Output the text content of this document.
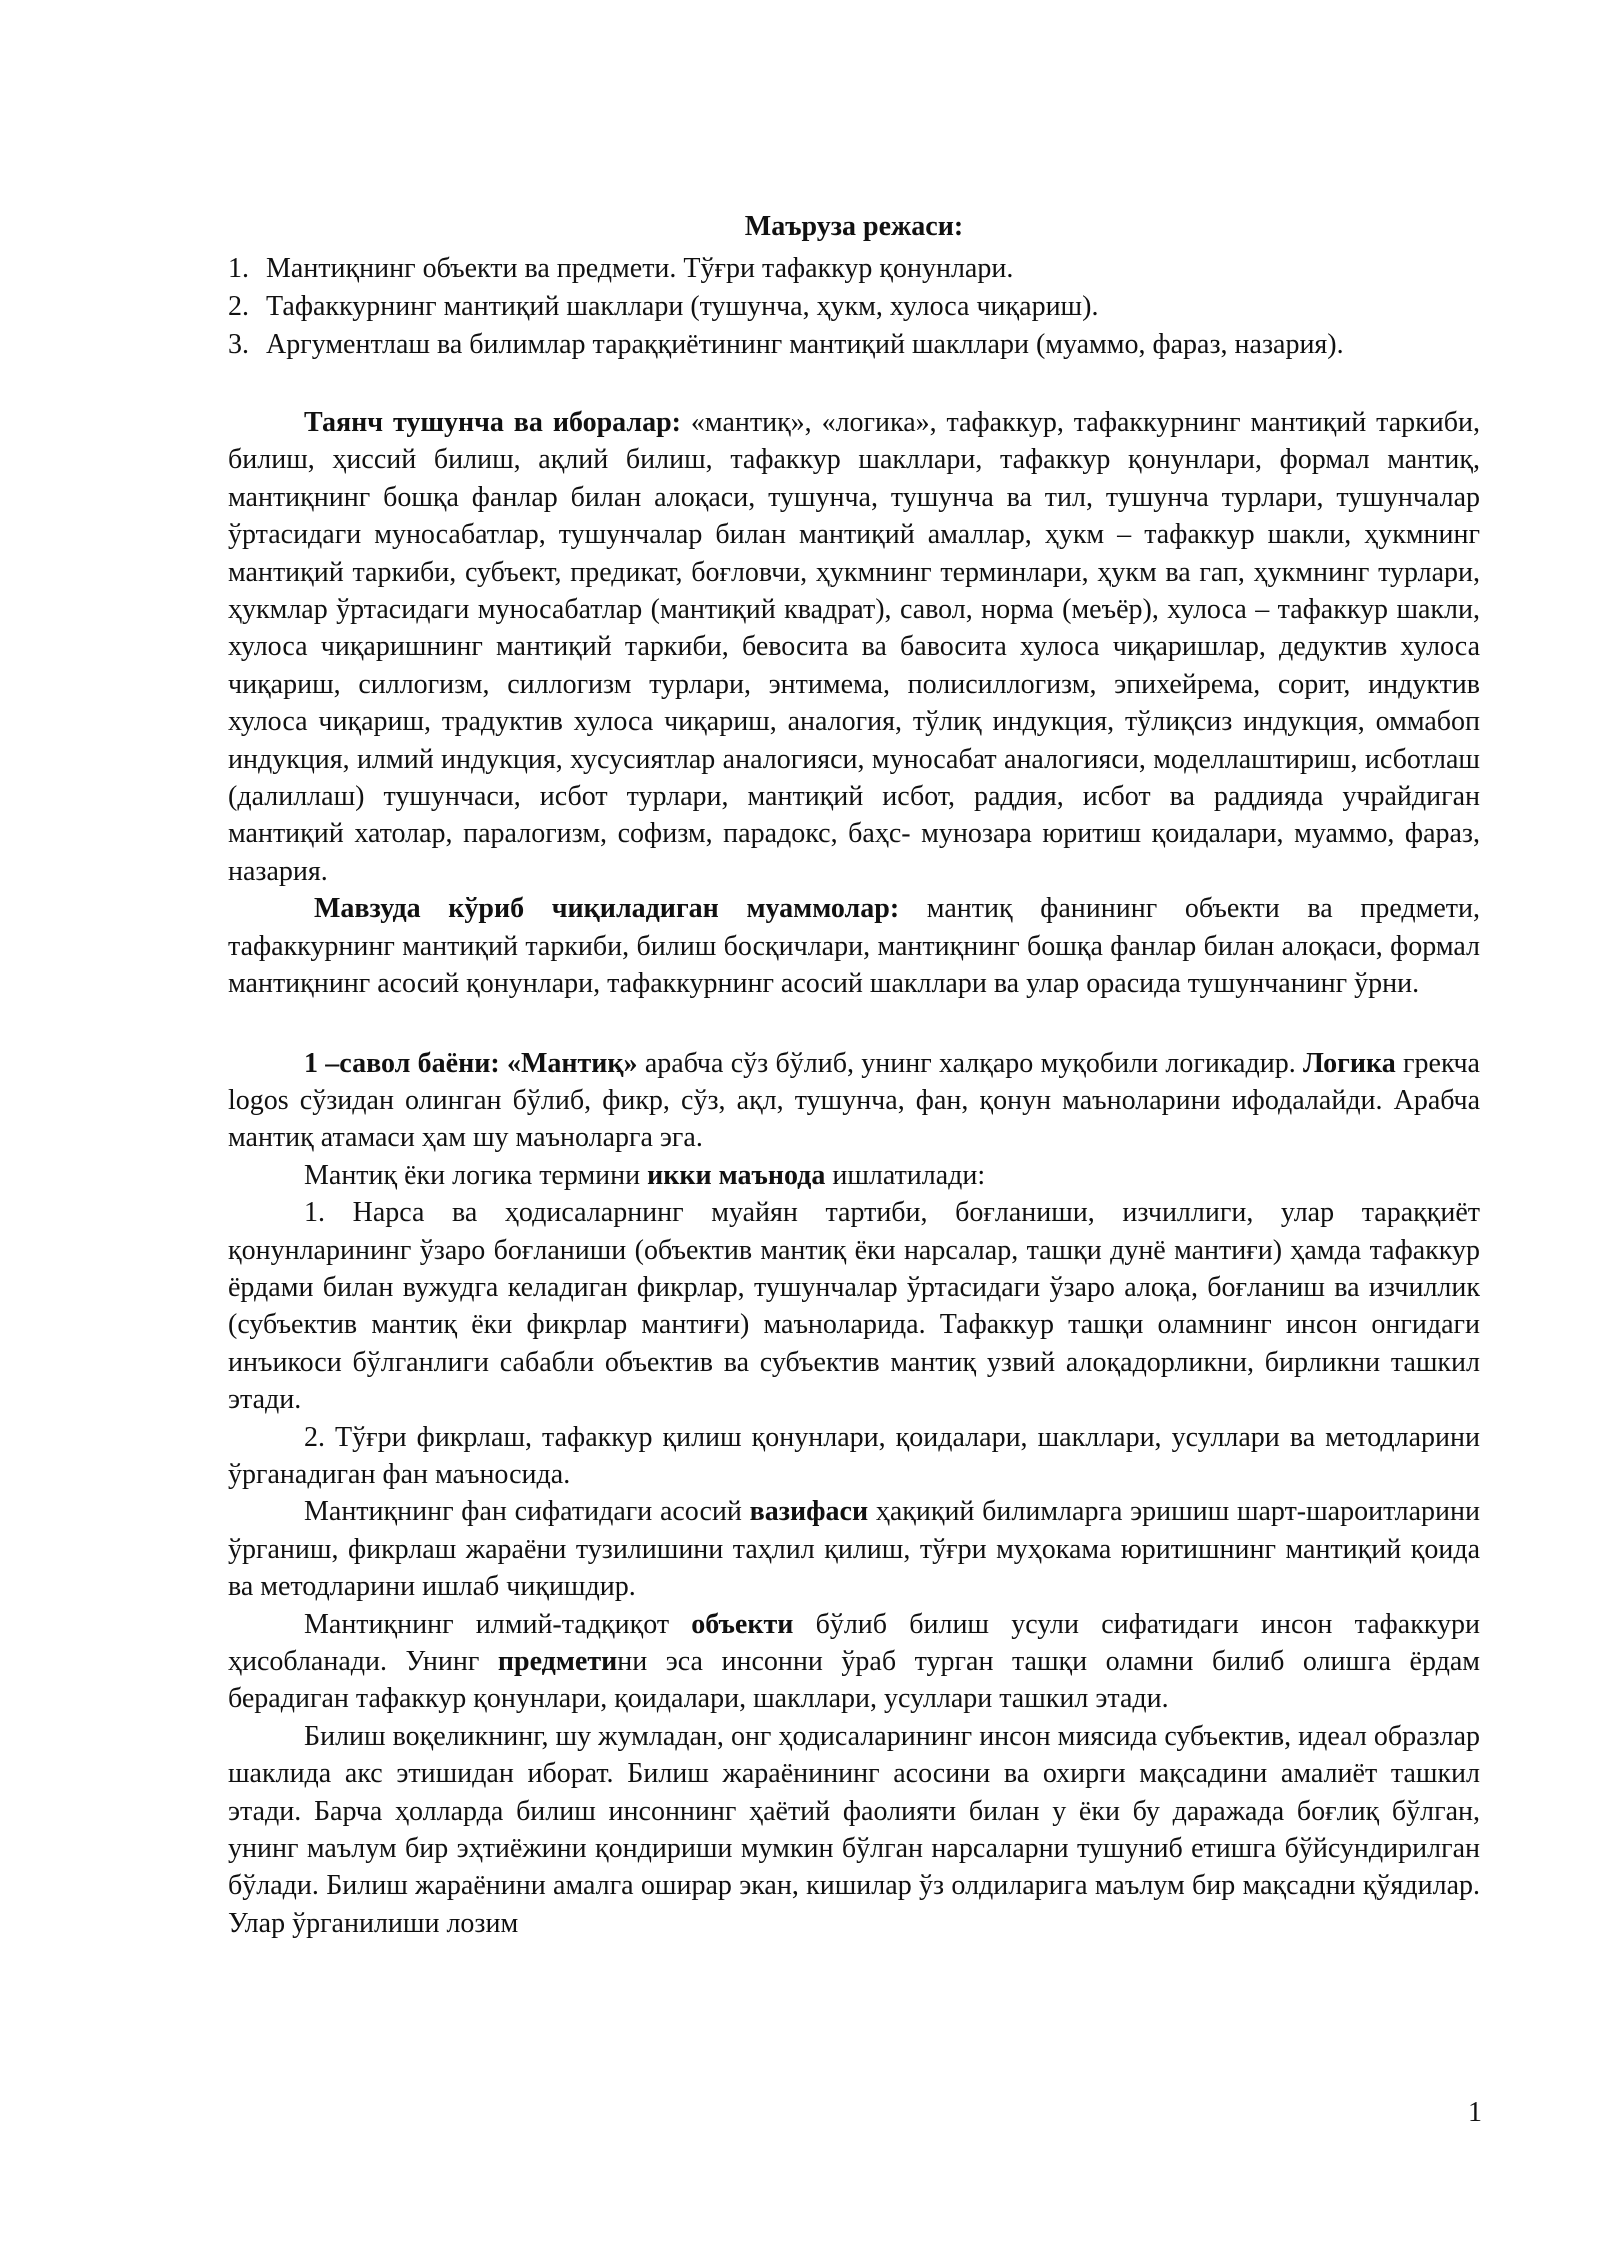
Маъруза режаси:
1. Мантиқнинг объекти ва предмети. Тўғри тафаккур қонунлари.
2. Тафаккурнинг мантиқий шакллари (тушунча, ҳукм, хулоса чиқариш).
3. Аргументлаш ва билимлар тараққиётининг мантиқий шакллари (муаммо, фараз, назария).

Таянч тушунча ва иборалар: «мантиқ», «логика», тафаккур, тафаккурнинг мантиқий таркиби, билиш, ҳиссий билиш, ақлий билиш, тафаккур шакллари, тафаккур қонунлари, формал мантиқ, мантиқнинг бошқа фанлар билан алоқаси, тушунча, тушунча ва тил, тушунча турлари, тушунчалар ўртасидаги муносабатлар, тушунчалар билан мантиқий амаллар, ҳукм – тафаккур шакли, ҳукмнинг мантиқий таркиби, субъект, предикат, боғловчи, ҳукмнинг терминлари, ҳукм ва гап, ҳукмнинг турлари, ҳукмлар ўртасидаги муносабатлар (мантиқий квадрат), савол, норма (меъёр), хулоса – тафаккур шакли, хулоса чиқаришнинг мантиқий таркиби, бевосита ва бавосита хулоса чиқаришлар, дедуктив хулоса чиқариш, силлогизм, силлогизм турлари, энтимема, полисиллогизм, эпихейрема, сорит, индуктив хулоса чиқариш, традуктив хулоса чиқариш, аналогия, тўлиқ индукция, тўлиқсиз индукция, оммабоп индукция, илмий индукция, хусусиятлар аналогияси, муносабат аналогияси, моделлаштириш, исботлаш (далиллаш) тушунчаси, исбот турлари, мантиқий исбот, раддия, исбот ва раддияда учрайдиган мантиқий хатолар, паралогизм, софизм, парадокс, баҳс- мунозара юритиш қоидалари, муаммо, фараз, назария.

Мавзуда кўриб чиқиладиган муаммолар: мантиқ фанининг объекти ва предмети, тафаккурнинг мантиқий таркиби, билиш босқичлари, мантиқнинг бошқа фанлар билан алоқаси, формал мантиқнинг асосий қонунлари, тафаккурнинг асосий шакллари ва улар орасида тушунчанинг ўрни.

1 –савол баёни: «Мантиқ» арабча сўз бўлиб, унинг халқаро муқобили логикадир. Логика грекча logos сўзидан олинган бўлиб, фикр, сўз, ақл, тушунча, фан, қонун маъноларини ифодалайди. Арабча мантиқ атамаси ҳам шу маъноларга эга.

Мантиқ ёки логика термини икки маънода ишлатилади:

1. Нарса ва ҳодисаларнинг муайян тартиби, боғланиши, изчиллиги, улар тараққиёт қонунларининг ўзаро боғланиши (объектив мантиқ ёки нарсалар, ташқи дунё мантиғи) ҳамда тафаккур ёрдами билан вужудга келадиган фикрлар, тушунчалар ўртасидаги ўзаро алоқа, боғланиш ва изчиллик (субъектив мантиқ ёки фикрлар мантиғи) маъноларида. Тафаккур ташқи оламнинг инсон онгидаги инъикоси бўлганлиги сабабли объектив ва субъектив мантиқ узвий алоқадорликни, бирликни ташкил этади.

2. Тўғри фикрлаш, тафаккур қилиш қонунлари, қоидалари, шакллари, усуллари ва методларини ўрганадиган фан маъносида.

Мантиқнинг фан сифатидаги асосий вазифаси ҳақиқий билимларга эришиш шарт-шароитларини ўрганиш, фикрлаш жараёни тузилишини таҳлил қилиш, тўғри муҳокама юритишнинг мантиқий қоида ва методларини ишлаб чиқишдир.

Мантиқнинг илмий-тадқиқот объекти бўлиб билиш усули сифатидаги инсон тафаккури ҳисобланади. Унинг предметини эса инсонни ўраб турган ташқи оламни билиб олишга ёрдам берадиган тафаккур қонунлари, қоидалари, шакллари, усуллари ташкил этади.

Билиш воқеликнинг, шу жумладан, онг ҳодисаларининг инсон миясида субъектив, идеал образлар шаклида акс этишидан иборат. Билиш жараёнининг асосини ва охирги мақсадини амалиёт ташкил этади. Барча ҳолларда билиш инсоннинг ҳаётий фаолияти билан у ёки бу даражада боғлиқ бўлган, унинг маълум бир эҳтиёжини қондириши мумкин бўлган нарсаларни тушуниб етишга бўйсундирилган бўлади. Билиш жараёнини амалга оширар экан, кишилар ўз олдиларига маълум бир мақсадни қўядилар. Улар ўрганилиши лозим

1
